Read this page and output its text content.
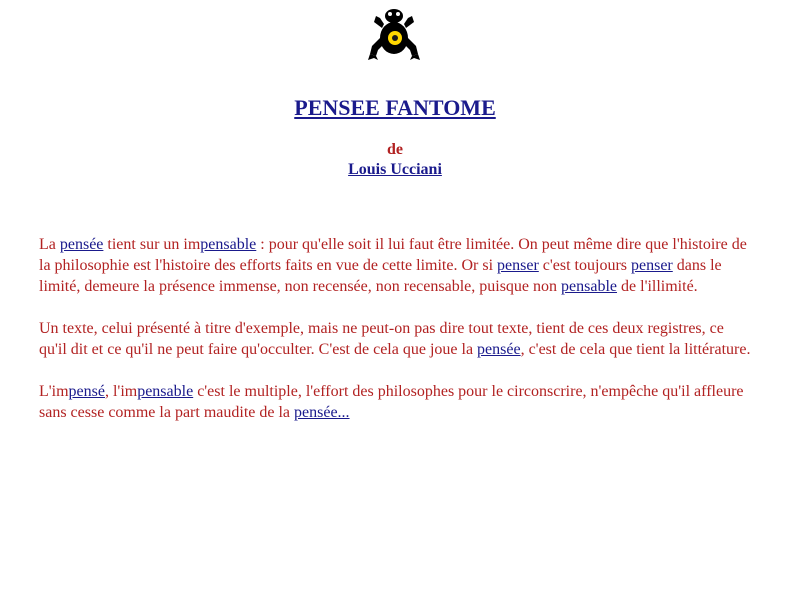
PENSEE FANTOME
de
Louis Ucciani

La pensée tient sur un impensable : pour qu'elle soit il lui faut être limitée. On peut même dire que l'histoire de la philosophie est l'histoire des efforts faits en vue de cette limite. Or si penser c'est toujours penser dans le limité, demeure la présence immense, non recensée, non recensable, puisque non pensable de l'illimité.

Un texte, celui présenté à titre d'exemple, mais ne peut-on pas dire tout texte, tient de ces deux registres, ce qu'il dit et ce qu'il ne peut faire qu'occulter. C'est de cela que joue la pensée, c'est de cela que tient la littérature.

L'impensé, l'impensable c'est le multiple, l'effort des philosophes pour le circonscrire, n'empêche qu'il affleure sans cesse comme la part maudite de la pensée...
